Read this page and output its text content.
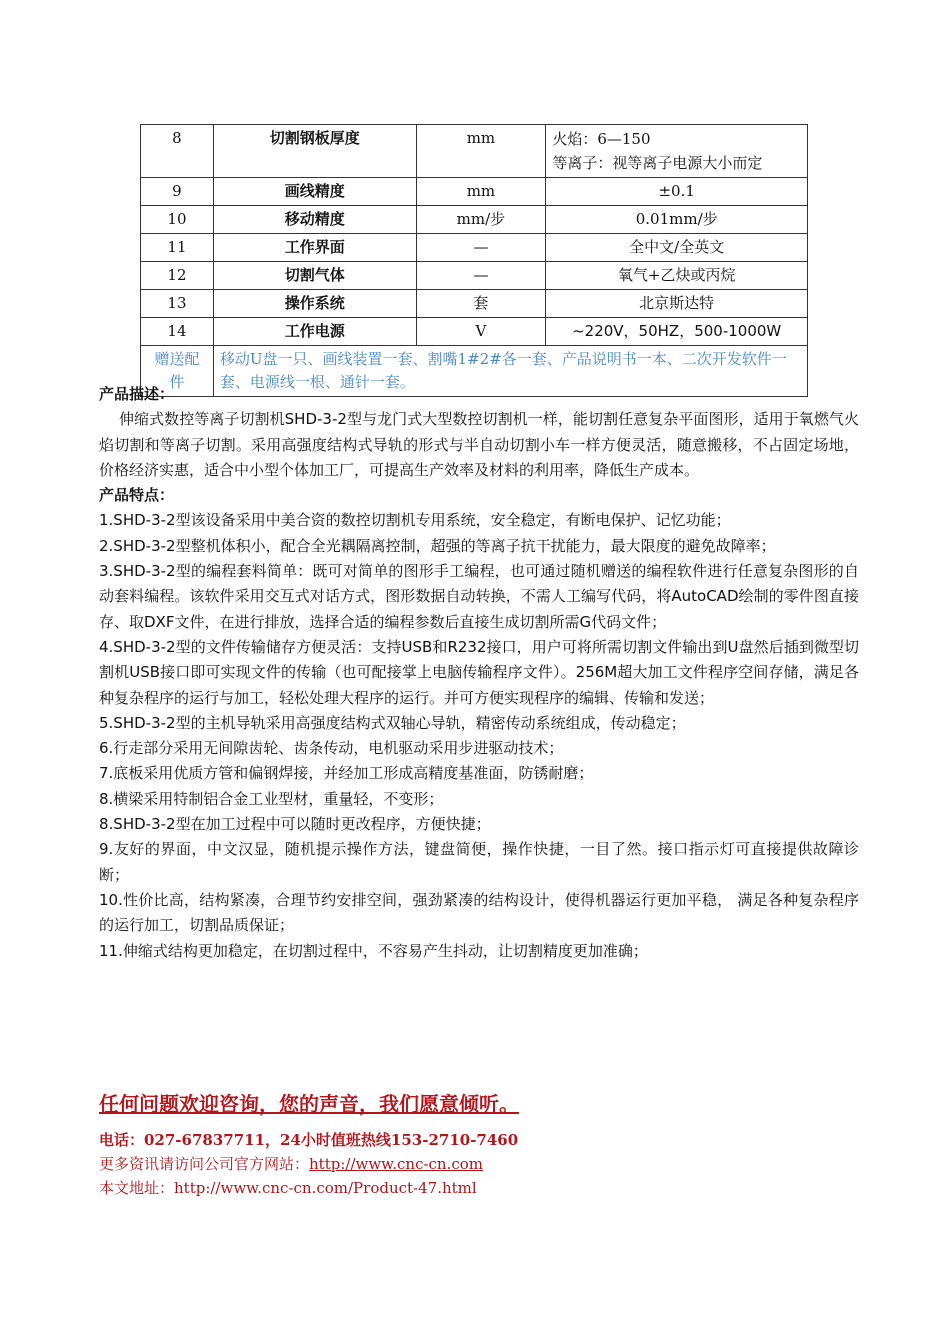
8	切割钢板厚度	mm	火焰：6—150
等离子：视等离子电源大小而定

9	画线精度	mm	±0.1
10	移动精度	mm/步	0.01mm/步
11	工作界面	—	全中文/全英文
12	切割气体	—	氧气+乙炔或丙烷
13	操作系统	套	北京斯达特
14	工作电源	V	~220V，50HZ，500-1000W
赠送配件	移动U盘一只、画线装置一套、割嘴1#2#各一套、产品说明书一本、二次开发软件一套、电源线一根、通针一套。		
产品描述：
伸缩式数控等离子切割机SHD-3-2型与龙门式大型数控切割机一样，能切割任意复杂平面图形，适用于氧燃气火焰切割和等离子切割。采用高强度结构式导轨的形式与半自动切割小车一样方便灵活，随意搬移，不占固定场地，价格经济实惠，适合中小型个体加工厂，可提高生产效率及材料的利用率，降低生产成本。
产品特点：
1.SHD-3-2型该设备采用中美合资的数控切割机专用系统，安全稳定，有断电保护、记忆功能；
2.SHD-3-2型整机体积小，配合全光耦隔离控制，超强的等离子抗干扰能力，最大限度的避免故障率；
3.SHD-3-2型的编程套料简单：既可对简单的图形手工编程，也可通过随机赠送的编程软件进行任意复杂图形的自动套料编程。该软件采用交互式对话方式，图形数据自动转换，不需人工编写代码，将AutoCAD绘制的零件图直接存、取DXF文件，在进行排放，选择合适的编程参数后直接生成切割所需G代码文件；
4.SHD-3-2型的文件传输储存方便灵活：支持USB和R232接口，用户可将所需切割文件输出到U盘然后插到微型切割机USB接口即可实现文件的传输（也可配接掌上电脑传输程序文件）。256M超大加工文件程序空间存储，满足各种复杂程序的运行与加工，轻松处理大程序的运行。并可方便实现程序的编辑、传输和发送；
5.SHD-3-2型的主机导轨采用高强度结构式双轴心导轨，精密传动系统组成，传动稳定；
6.行走部分采用无间隙齿轮、齿条传动，电机驱动采用步进驱动技术；
7.底板采用优质方管和偏钢焊接，并经加工形成高精度基准面，防锈耐磨；
8.横梁采用特制铝合金工业型材，重量轻，不变形；
8.SHD-3-2型在加工过程中可以随时更改程序，方便快捷；
9.友好的界面，中文汉显，随机提示操作方法，键盘简便，操作快捷，一目了然。接口指示灯可直接提供故障诊断；
10.性价比高，结构紧凑，合理节约安排空间，强劲紧凑的结构设计，使得机器运行更加平稳， 满足各种复杂程序的运行加工，切割品质保证；
11.伸缩式结构更加稳定，在切割过程中，不容易产生抖动，让切割精度更加准确；
任何问题欢迎咨询，您的声音，我们愿意倾听。
电话：027-67837711，24小时值班热线153-2710-7460
更多资讯请访问公司官方网站：http://www.cnc-cn.com
本文地址：http://www.cnc-cn.com/Product-47.html
